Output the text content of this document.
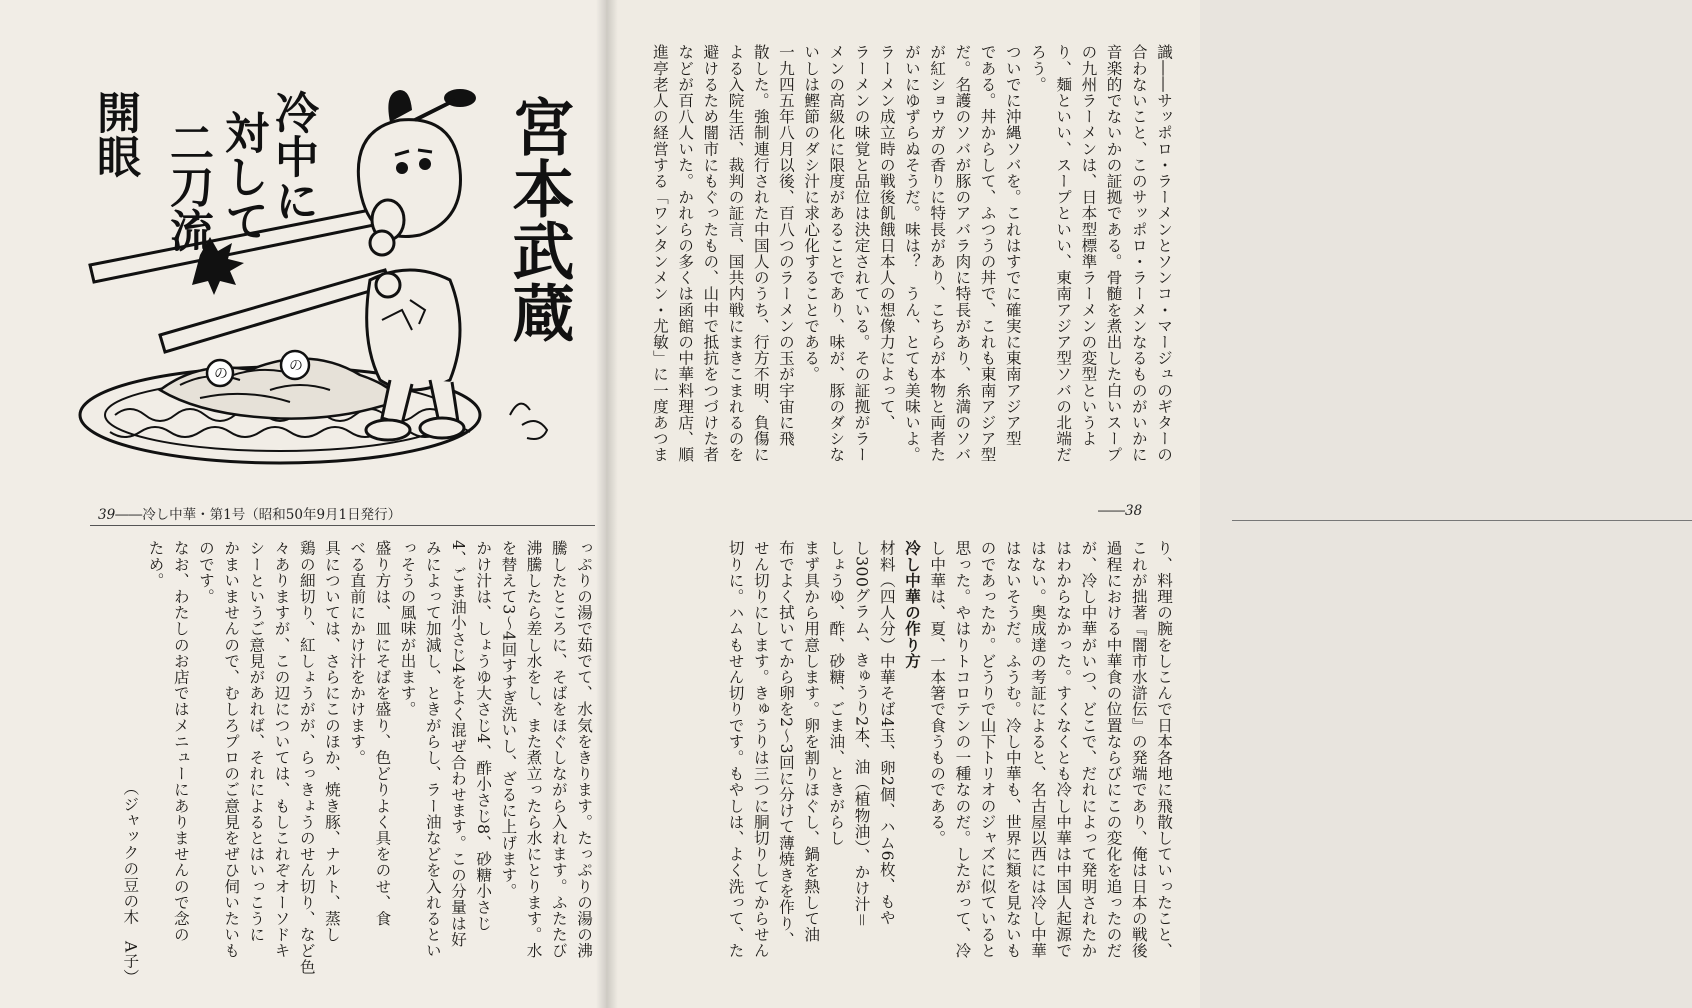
の	の
宮本武蔵
冷中に
対して
二刀流
開眼
39――冷し中華・第1号（昭和50年9月1日発行）

っぷりの湯で茹でて、水気をきります。たっぷりの湯の沸

騰したところに、そばをほぐしながら入れます。ふたたび

沸騰したら差し水をし、また煮立ったら水にとります。水

を替えて3〜4回すすぎ洗いし、ざるに上げます。

かけ汁は、しょうゆ大さじ4、酢小さじ8、砂糖小さじ

4、ごま油小さじ4をよく混ぜ合わせます。この分量は好

みによって加減し、ときがらし、ラー油などを入れるとい

っそうの風味が出ます。

盛り方は、皿にそばを盛り、色どりよく具をのせ、食

べる直前にかけ汁をかけます。

具については、さらにこのほか、焼き豚、ナルト、蒸し

鶏の細切り、紅しょうがが、らっきょうのせん切り、など色

々ありますが、この辺については、もしこれぞオーソドキ

シーというご意見があれば、それによるとはいっこうに

かまいませんので、むしろプロのご意見をぜひ伺いたいも

のです。

なお、わたしのお店ではメニューにありませんので念の

ため。

（ジャックの豆の木　A子）

識――サッポロ・ラーメンとソンコ・マージュのギターの

合わないこと、このサッポロ・ラーメンなるものがいかに

音楽的でないかの証拠である。骨髄を煮出した白いスープ

の九州ラーメンは、日本型標準ラーメンの変型というよ

り、麺といい、スープといい、東南アジア型ソバの北端だ

ろう。

ついでに沖縄ソバを。これはすでに確実に東南アジア型

である。丼からして、ふつうの丼で、これも東南アジア型

だ。名護のソバが豚のアバラ肉に特長があり、糸満のソバ

が紅ショウガの香りに特長があり、こちらが本物と両者た

がいにゆずらぬそうだ。味は？　うん、とても美味いよ。

ラーメン成立時の戦後飢餓日本人の想像力によって、

ラーメンの味覚と品位は決定されている。その証拠がラー

メンの高級化に限度があることであり、味が、豚のダシな

いしは鰹節のダシ汁に求心化することである。

一九四五年八月以後、百八つのラーメンの玉が宇宙に飛

散した。強制連行された中国人のうち、行方不明、負傷に

よる入院生活、裁判の証言、国共内戦にまきこまれるのを

避けるため闇市にもぐったもの、山中で抵抗をつづけた者

などが百八人いた。かれらの多くは函館の中華料理店、順

進亭老人の経営する「ワンタンメン・尤敏」に一度あつま

――38

り、料理の腕をしこんで日本各地に飛散していったこと、

これが拙著『闇市水滸伝』の発端であり、俺は日本の戦後

過程における中華食の位置ならびにこの変化を追ったのだ

が、冷し中華がいつ、どこで、だれによって発明されたか

はわからなかった。すくなくとも冷し中華は中国人起源で

はない。奥成達の考証によると、名古屋以西には冷し中華

はないそうだ。ふうむ。冷し中華も、世界に類を見ないも

のであったか。どうりで山下トリオのジャズに似ていると

思った。やはりトコロテンの一種なのだ。したがって、冷

し中華は、夏、一本箸で食うものである。

冷し中華の作り方

材料（四人分）中華そば4玉、卵2個、ハム6枚、もや

し300グラム、きゅうり2本、油（植物油）、かけ汁＝

しょうゆ、酢、砂糖、ごま油、ときがらし

まず具から用意します。卵を割りほぐし、鍋を熱して油

布でよく拭いてから卵を2〜3回に分けて薄焼きを作り、

せん切りにします。きゅうりは三つに胴切りしてからせん

切りに。ハムもせん切りです。もやしは、よく洗って、た
